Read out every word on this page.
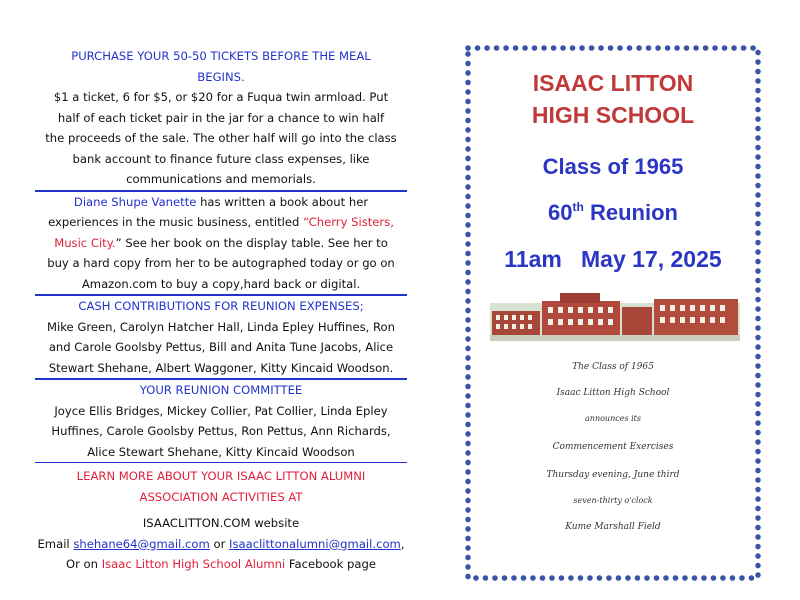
PURCHASE YOUR 50-50 TICKETS BEFORE THE MEAL
BEGINS.
$1 a ticket, 6 for $5, or $20 for a Fuqua twin armload. Put
half of each ticket pair in the jar for a chance to win half
the proceeds of the sale. The other half will go into the class
bank account to finance future class expenses, like
communications and memorials.
Diane Shupe Vanette has written a book about her
experiences in the music business, entitled “Cherry Sisters,
Music City.” See her book on the display table. See her to
buy a hard copy from her to be autographed today or go on
Amazon.com to buy a copy,hard back or digital.
CASH CONTRIBUTIONS FOR REUNION EXPENSES;
Mike Green, Carolyn Hatcher Hall, Linda Epley Huffines, Ron
and Carole Goolsby Pettus, Bill and Anita Tune Jacobs, Alice
Stewart Shehane, Albert Waggoner, Kitty Kincaid Woodson.
YOUR REUNION COMMITTEE
Joyce Ellis Bridges, Mickey Collier, Pat Collier, Linda Epley
Huffines, Carole Goolsby Pettus, Ron Pettus, Ann Richards,
Alice Stewart Shehane, Kitty Kincaid Woodson
LEARN MORE ABOUT YOUR ISAAC LITTON ALUMNI
ASSOCIATION ACTIVITIES AT
ISAACLITTON.COM website
Email shehane64@gmail.com or Isaaclittonalumni@gmail.com,
Or on Isaac Litton High School Alumni Facebook page
ISAAC LITTON
HIGH SCHOOL
Class of 1965
60th Reunion
11am   May 17, 2025
The Class of 1965
Isaac Litton High School
announces its
Commencement Exercises
Thursday evening, June third
seven-thirty o'clock
Kume Marshall Field
